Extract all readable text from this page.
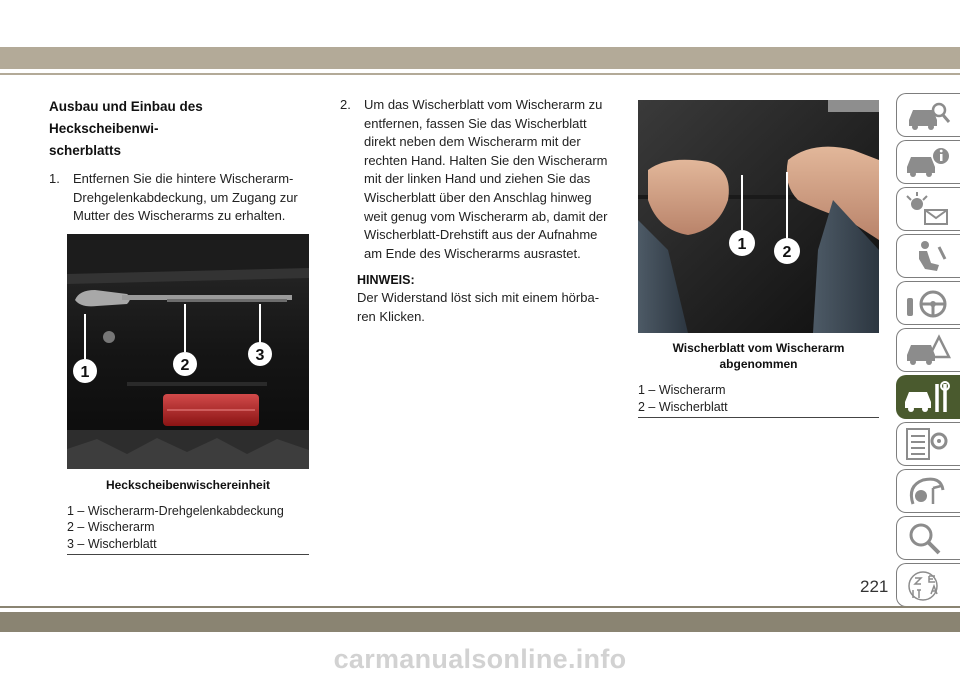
Ausbau und Einbau des Heckscheibenwi-
scherblatts
1.	Entfernen Sie die hintere Wischerarm-
Drehgelenkabdeckung, um Zugang zur
Mutter des Wischerarms zu erhalten.
1	2
3
Heckscheibenwischereinheit
1 – Wischerarm-Drehgelenkabdeckung
2 – Wischerarm
3 – Wischerblatt
2.	Um das Wischerblatt vom Wischerarm zu
entfernen, fassen Sie das Wischerblatt
direkt neben dem Wischerarm mit der
rechten Hand. Halten Sie den Wischerarm
mit der linken Hand und ziehen Sie das
Wischerblatt über den Anschlag hinweg
weit genug vom Wischerarm ab, damit der
Wischerblatt-Drehstift aus der Aufnahme
am Ende des Wischerarms ausrastet.
HINWEIS:
Der Widerstand löst sich mit einem hörba-
ren Klicken.
1 2
Wischerblatt vom Wischerarm
abgenommen
1 – Wischerarm
2 – Wischerblatt
221
carmanualsonline.info
